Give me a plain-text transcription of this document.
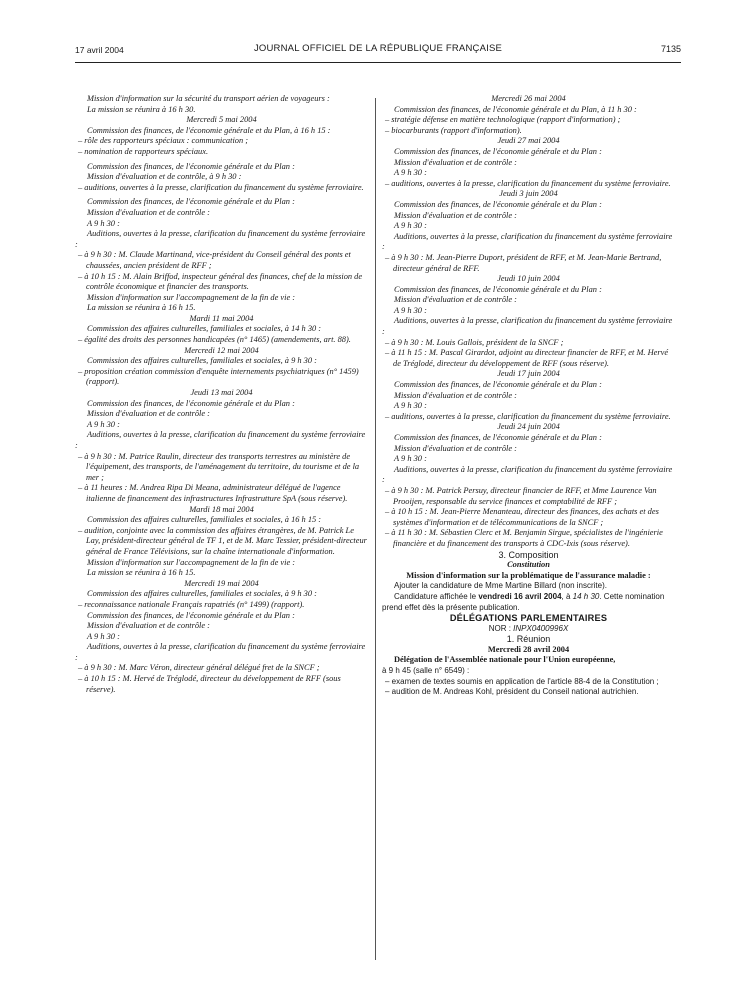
17 avril 2004	JOURNAL OFFICIEL DE LA RÉPUBLIQUE FRANÇAISE	7135

Mission d'information sur la sécurité du transport aérien de voyageurs :

La mission se réunira à 16 h 30.

Mercredi 5 mai 2004

Commission des finances, de l'économie générale et du Plan, à 16 h 15 :

– rôle des rapporteurs spéciaux : communication ;

– nomination de rapporteurs spéciaux.

Commission des finances, de l'économie générale et du Plan :

Mission d'évaluation et de contrôle, à 9 h 30 :

– auditions, ouvertes à la presse, clarification du financement du système ferroviaire.

Commission des finances, de l'économie générale et du Plan :

Mission d'évaluation et de contrôle :

A 9 h 30 :

Auditions, ouvertes à la presse, clarification du financement du système ferroviaire :

– à 9 h 30 : M. Claude Martinand, vice-président du Conseil général des ponts et chaussées, ancien président de RFF ;

– à 10 h 15 : M. Alain Briffod, inspecteur général des finances, chef de la mission de contrôle économique et financier des transports.

Mission d'information sur l'accompagnement de la fin de vie :

La mission se réunira à 16 h 15.

Mardi 11 mai 2004

Commission des affaires culturelles, familiales et sociales, à 14 h 30 :

– égalité des droits des personnes handicapées (n° 1465) (amendements, art. 88).

Mercredi 12 mai 2004

Commission des affaires culturelles, familiales et sociales, à 9 h 30 :

– proposition création commission d'enquête internements psychiatriques (n° 1459) (rapport).

Jeudi 13 mai 2004

Commission des finances, de l'économie générale et du Plan :

Mission d'évaluation et de contrôle :

A 9 h 30 :

Auditions, ouvertes à la presse, clarification du financement du système ferroviaire :

– à 9 h 30 : M. Patrice Raulin, directeur des transports terrestres au ministère de l'équipement, des transports, de l'aménagement du territoire, du tourisme et de la mer ;

– à 11 heures : M. Andrea Ripa Di Meana, administrateur délégué de l'agence italienne de financement des infrastructures Infrastrutture SpA (sous réserve).

Mardi 18 mai 2004

Commission des affaires culturelles, familiales et sociales, à 16 h 15 :

– audition, conjointe avec la commission des affaires étrangères, de M. Patrick Le Lay, président-directeur général de TF 1, et de M. Marc Tessier, président-directeur général de France Télévisions, sur la chaîne internationale d'information.

Mission d'information sur l'accompagnement de la fin de vie :

La mission se réunira à 16 h 15.

Mercredi 19 mai 2004

Commission des affaires culturelles, familiales et sociales, à 9 h 30 :

– reconnaissance nationale Français rapatriés (n° 1499) (rapport).

Commission des finances, de l'économie générale et du Plan :

Mission d'évaluation et de contrôle :

A 9 h 30 :

Auditions, ouvertes à la presse, clarification du financement du système ferroviaire :

– à 9 h 30 : M. Marc Véron, directeur général délégué fret de la SNCF ;

– à 10 h 15 : M. Hervé de Tréglodé, directeur du développement de RFF (sous réserve).

Mercredi 26 mai 2004

Commission des finances, de l'économie générale et du Plan, à 11 h 30 :

– stratégie défense en matière technologique (rapport d'information) ;

– biocarburants (rapport d'information).

Jeudi 27 mai 2004

Commission des finances, de l'économie générale et du Plan :

Mission d'évaluation et de contrôle :

A 9 h 30 :

– auditions, ouvertes à la presse, clarification du financement du système ferroviaire.

Jeudi 3 juin 2004

Commission des finances, de l'économie générale et du Plan :

Mission d'évaluation et de contrôle :

A 9 h 30 :

Auditions, ouvertes à la presse, clarification du financement du système ferroviaire :

– à 9 h 30 : M. Jean-Pierre Duport, président de RFF, et M. Jean-Marie Bertrand, directeur général de RFF.

Jeudi 10 juin 2004

Commission des finances, de l'économie générale et du Plan :

Mission d'évaluation et de contrôle :

A 9 h 30 :

Auditions, ouvertes à la presse, clarification du financement du système ferroviaire :

– à 9 h 30 : M. Louis Gallois, président de la SNCF ;

– à 11 h 15 : M. Pascal Girardot, adjoint au directeur financier de RFF, et M. Hervé de Tréglodé, directeur du développement de RFF (sous réserve).

Jeudi 17 juin 2004

Commission des finances, de l'économie générale et du Plan :

Mission d'évaluation et de contrôle :

A 9 h 30 :

– auditions, ouvertes à la presse, clarification du financement du système ferroviaire.

Jeudi 24 juin 2004

Commission des finances, de l'économie générale et du Plan :

Mission d'évaluation et de contrôle :

A 9 h 30 :

Auditions, ouvertes à la presse, clarification du financement du système ferroviaire :

– à 9 h 30 : M. Patrick Persuy, directeur financier de RFF, et Mme Laurence Van Prooijen, responsable du service finances et comptabilité de RFF ;

– à 10 h 15 : M. Jean-Pierre Menanteau, directeur des finances, des achats et des systèmes d'information et de télécommunications de la SNCF ;

– à 11 h 30 : M. Sébastien Clerc et M. Benjamin Sirgue, spécialistes de l'ingénierie financière et du financement des transports à CDC-Ixis (sous réserve).

3. Composition

Constitution

Mission d'information sur la problématique de l'assurance maladie :

Ajouter la candidature de Mme Martine Billard (non inscrite).

Candidature affichée le vendredi 16 avril 2004, à 14 h 30. Cette nomination prend effet dès la présente publication.

DÉLÉGATIONS PARLEMENTAIRES

NOR : INPX0400996X

1. Réunion

Mercredi 28 avril 2004

Délégation de l'Assemblée nationale pour l'Union européenne,

à 9 h 45 (salle n° 6549) :

– examen de textes soumis en application de l'article 88-4 de la Constitution ;

– audition de M. Andreas Kohl, président du Conseil national autrichien.
